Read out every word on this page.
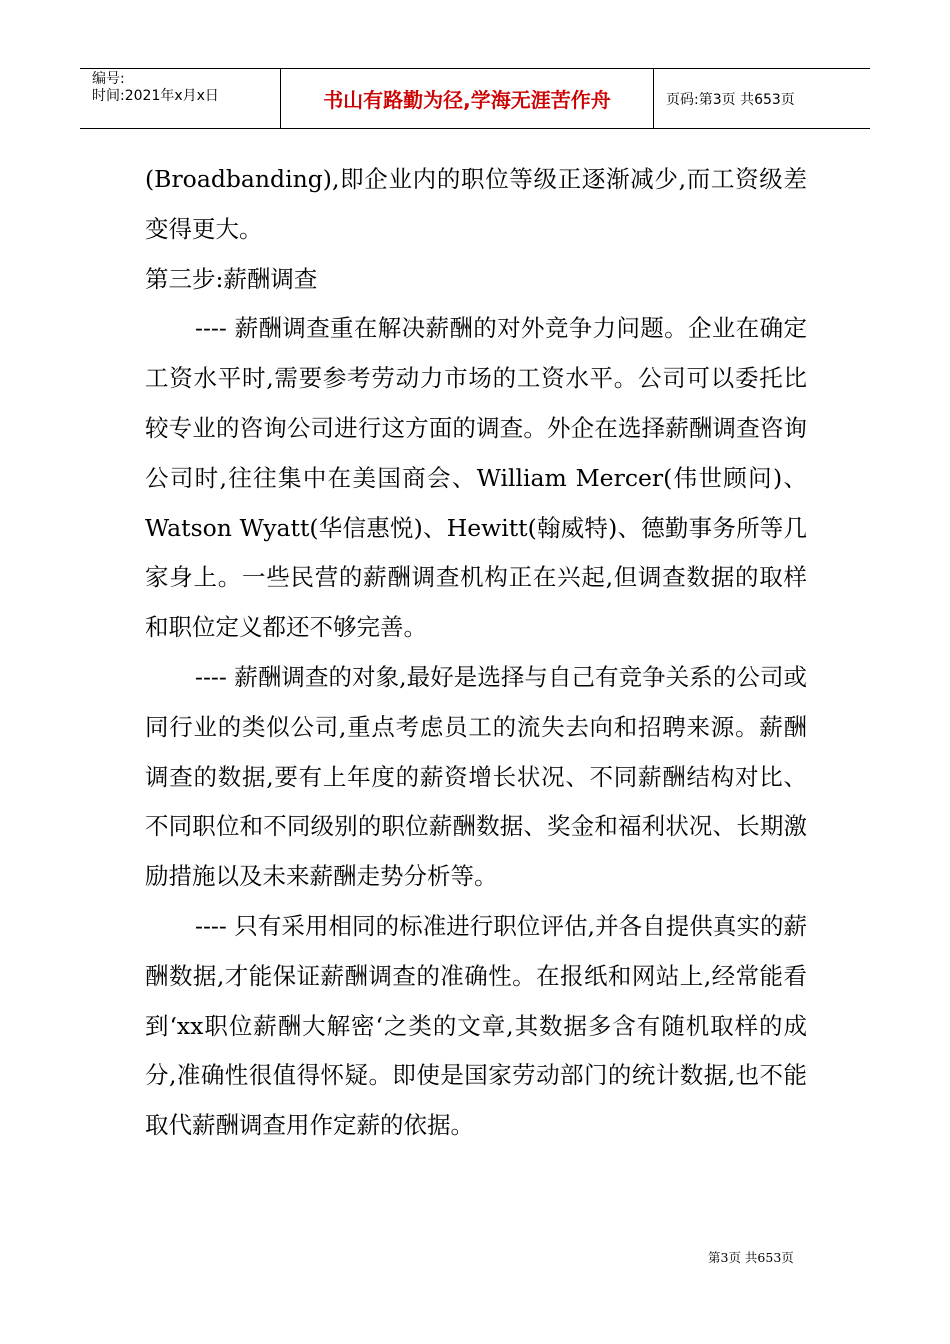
编号:
时间:2021年x月x日	书山有路勤为径,学海无涯苦作舟	页码:第3页 共653页

(Broadbanding),即企业内的职位等级正逐渐减少,而工资级差变得更大。

第三步:薪酬调查

---- 薪酬调查重在解决薪酬的对外竞争力问题。企业在确定工资水平时,需要参考劳动力市场的工资水平。公司可以委托比较专业的咨询公司进行这方面的调查。外企在选择薪酬调查咨询公司时,往往集中在美国商会、William Mercer(伟世顾问)、Watson Wyatt(华信惠悦)、Hewitt(翰威特)、德勤事务所等几家身上。一些民营的薪酬调查机构正在兴起,但调查数据的取样和职位定义都还不够完善。

---- 薪酬调查的对象,最好是选择与自己有竞争关系的公司或同行业的类似公司,重点考虑员工的流失去向和招聘来源。薪酬调查的数据,要有上年度的薪资增长状况、不同薪酬结构对比、不同职位和不同级别的职位薪酬数据、奖金和福利状况、长期激励措施以及未来薪酬走势分析等。

---- 只有采用相同的标准进行职位评估,并各自提供真实的薪酬数据,才能保证薪酬调查的准确性。在报纸和网站上,经常能看到‘xx职位薪酬大解密‘之类的文章,其数据多含有随机取样的成分,准确性很值得怀疑。即使是国家劳动部门的统计数据,也不能取代薪酬调查用作定薪的依据。

第3页 共653页
